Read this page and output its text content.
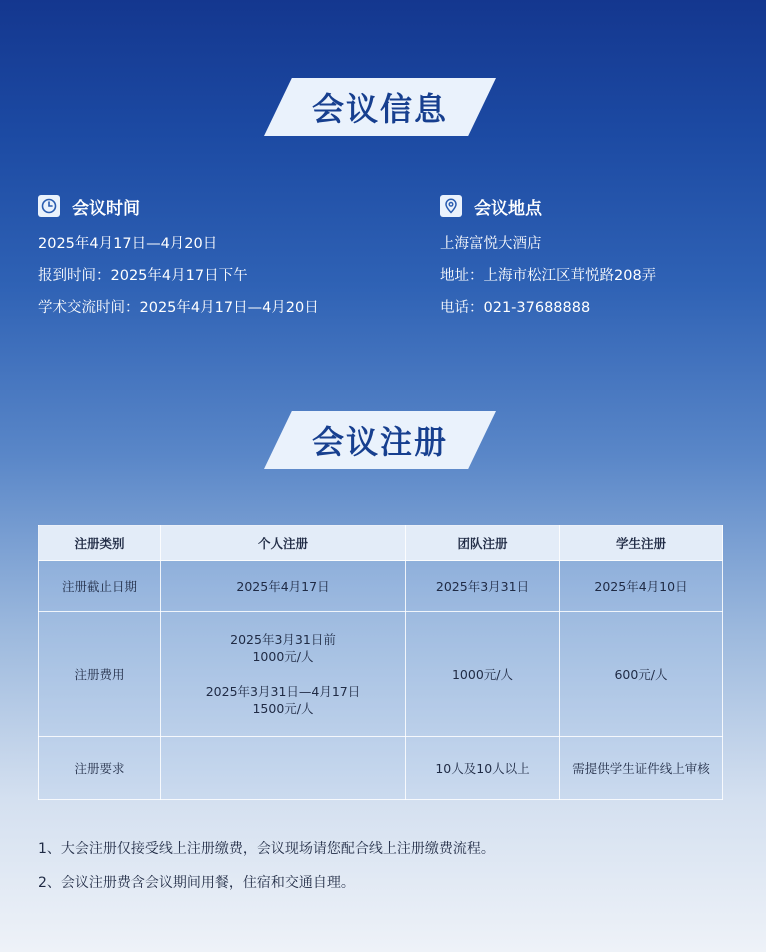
会议信息
会议时间
2025年4月17日—4月20日
报到时间：2025年4月17日下午
学术交流时间：2025年4月17日—4月20日
会议地点
上海富悦大酒店
地址：上海市松江区茸悦路208弄
电话：021-37688888
会议注册
注册类别	个人注册	团队注册	学生注册
注册截止日期	2025年4月17日	2025年3月31日	2025年4月10日
注册费用	2025年3月31日前
1000元/人
2025年3月31日—4月17日
1500元/人	1000元/人	600元/人
注册要求		10人及10人以上	需提供学生证件线上审核
1、大会注册仅接受线上注册缴费，会议现场请您配合线上注册缴费流程。
2、会议注册费含会议期间用餐，住宿和交通自理。
